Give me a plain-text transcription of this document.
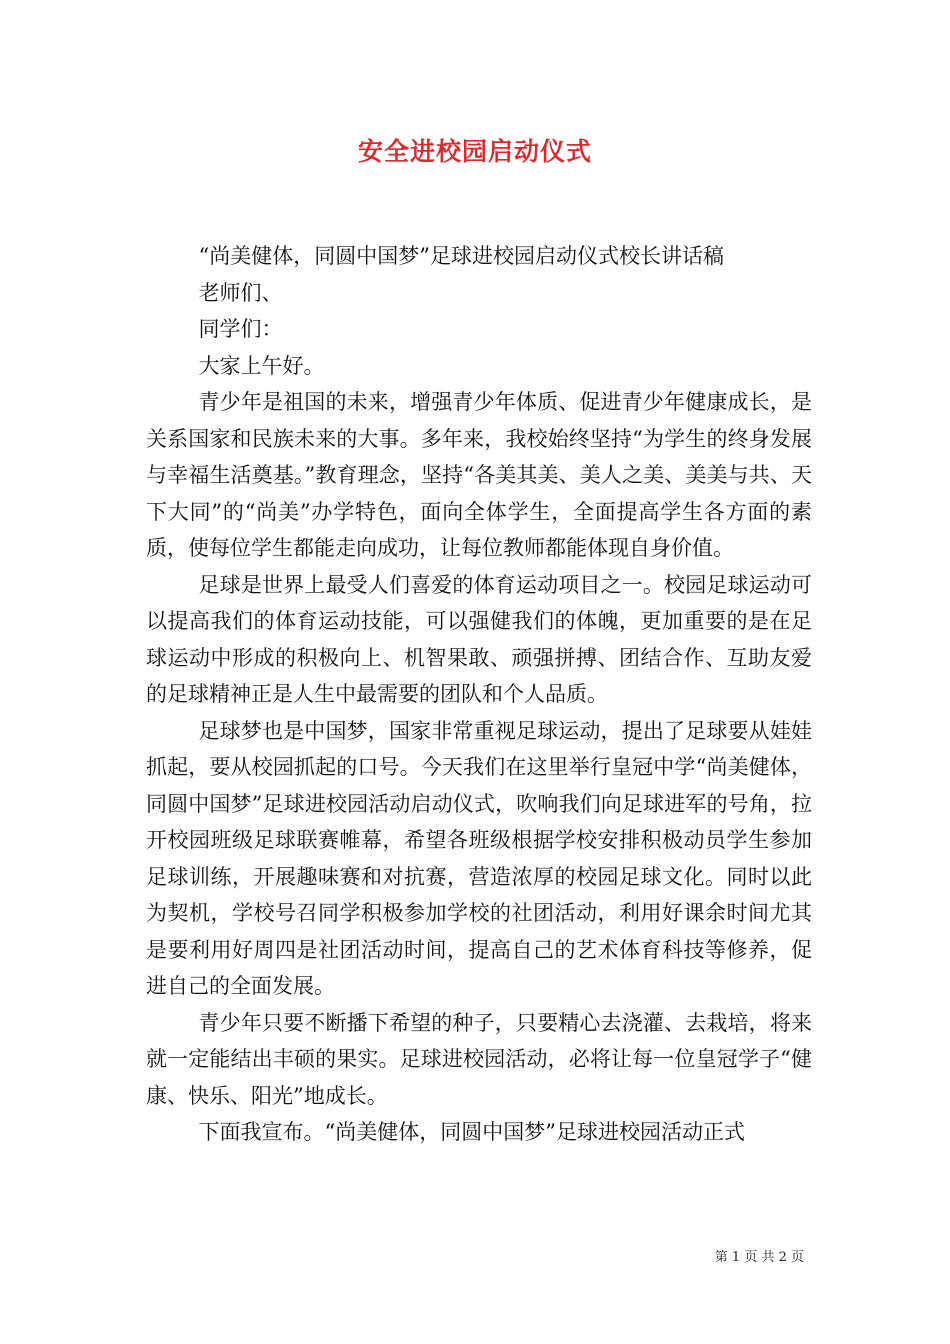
安全进校园启动仪式

“尚美健体，同圆中国梦”足球进校园启动仪式校长讲话稿

老师们、

同学们：

大家上午好。

青少年是祖国的未来，增强青少年体质、促进青少年健康成长，是关系国家和民族未来的大事。多年来，我校始终坚持“为学生的终身发展与幸福生活奠基。”教育理念，坚持“各美其美、美人之美、美美与共、天下大同”的“尚美”办学特色，面向全体学生，全面提高学生各方面的素质，使每位学生都能走向成功，让每位教师都能体现自身价值。

足球是世界上最受人们喜爱的体育运动项目之一。校园足球运动可以提高我们的体育运动技能，可以强健我们的体魄，更加重要的是在足球运动中形成的积极向上、机智果敢、顽强拼搏、团结合作、互助友爱的足球精神正是人生中最需要的团队和个人品质。

足球梦也是中国梦，国家非常重视足球运动，提出了足球要从娃娃抓起，要从校园抓起的口号。今天我们在这里举行皇冠中学“尚美健体，同圆中国梦”足球进校园活动启动仪式，吹响我们向足球进军的号角，拉开校园班级足球联赛帷幕，希望各班级根据学校安排积极动员学生参加足球训练，开展趣味赛和对抗赛，营造浓厚的校园足球文化。同时以此为契机，学校号召同学积极参加学校的社团活动，利用好课余时间尤其是要利用好周四是社团活动时间，提高自己的艺术体育科技等修养，促进自己的全面发展。

青少年只要不断播下希望的种子，只要精心去浇灌、去栽培，将来就一定能结出丰硕的果实。足球进校园活动，必将让每一位皇冠学子“健康、快乐、阳光”地成长。

下面我宣布。“尚美健体，同圆中国梦”足球进校园活动正式

第 1 页 共 2 页
